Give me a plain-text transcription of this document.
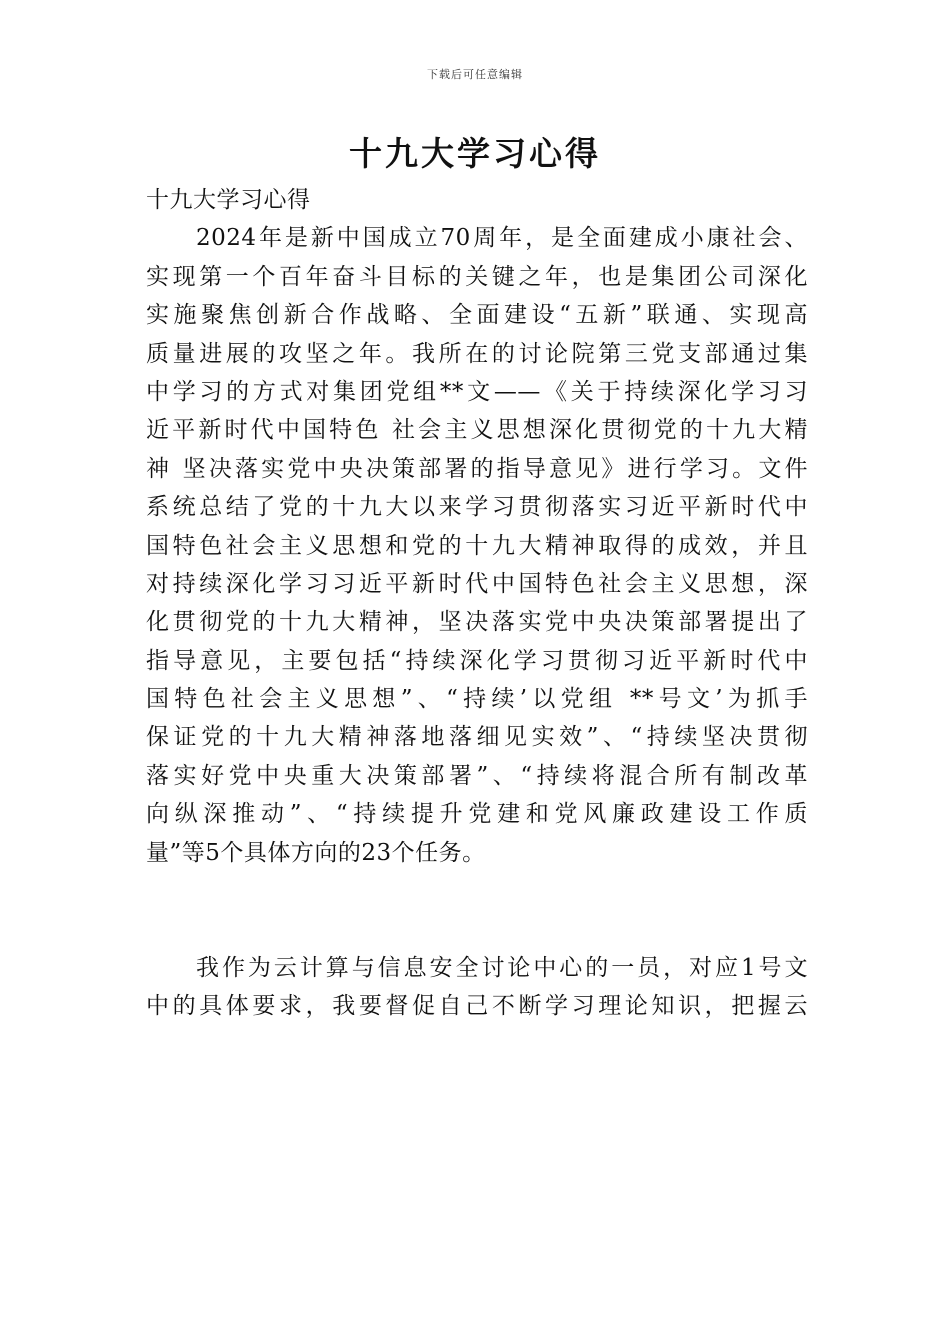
下载后可任意编辑
十九大学习心得
十九大学习心得
2024年是新中国成立70周年，是全面建成小康社会、
实现第一个百年奋斗目标的关键之年，也是集团公司深化
实施聚焦创新合作战略、全面建设“五新”联通、实现高
质量进展的攻坚之年。我所在的讨论院第三党支部通过集
中学习的方式对集团党组**文——《关于持续深化学习习
近平新时代中国特色 社会主义思想深化贯彻党的十九大精
神 坚决落实党中央决策部署的指导意见》进行学习。文件
系统总结了党的十九大以来学习贯彻落实习近平新时代中
国特色社会主义思想和党的十九大精神取得的成效，并且
对持续深化学习习近平新时代中国特色社会主义思想，深
化贯彻党的十九大精神，坚决落实党中央决策部署提出了
指导意见，主要包括“持续深化学习贯彻习近平新时代中
国特色社会主义思想”、“持续’以党组 **号文’为抓手
保证党的十九大精神落地落细见实效”、“持续坚决贯彻
落实好党中央重大决策部署”、“持续将混合所有制改革
向纵深推动”、“持续提升党建和党风廉政建设工作质
量”等5个具体方向的23个任务。
我作为云计算与信息安全讨论中心的一员，对应1号文
中的具体要求，我要督促自己不断学习理论知识，把握云
